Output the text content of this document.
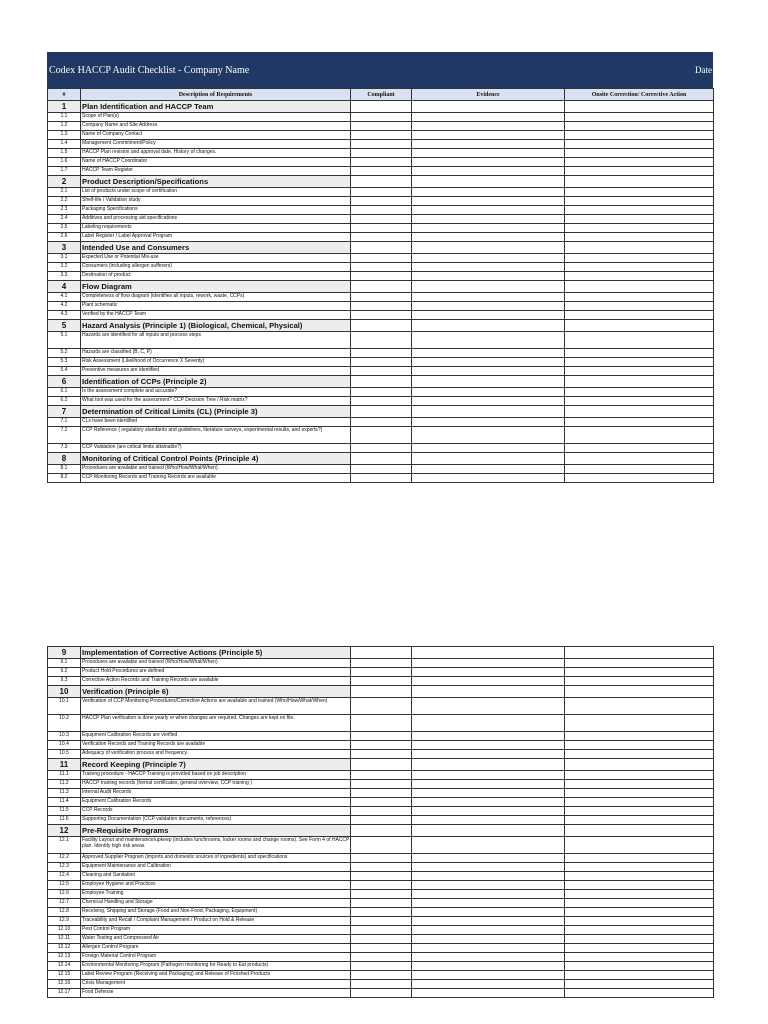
Codex HACCP Audit Checklist - Company Name	Date
#	Description of Requirements	Compliant	Evidence	Onsite Correction/ Corrective Action
1	Plan Identification and HACCP Team			
1.1	Scope of Plan(s)			
1.2	Company Name and Site Address			
1.3	Name of Company Contact			
1.4	Management Commitment/Policy			
1.5	HACCP Plan revision and approval date. History of changes.			
1.6	Name of HACCP Coordinator			
1.7	HACCP Team Register			
2	Product Description/Specifications			
2.1	List of products under scope of certification			
2.2	Shelf-life / Validation study			
2.3	Packaging Specifications			
2.4	Additives and processing aid specifications			
2.5	Labeling requirements			
2.6	Label Register / Label Approval Program			
3	Intended Use and Consumers			
3.1	Expected Use or Potential Mis-use			
3.2	Consumers (including allergen sufferers)			
3.3	Destination of product			
4	Flow Diagram			
4.1	Completeness of flow diagram (identifies all inputs, rework, waste, CCPs)			
4.2	Plant schematic			
4.3	Verified by the HACCP Team			
5	Hazard Analysis (Principle 1) (Biological, Chemical, Physical)			
5.1	Hazards are identified for all inputs and process steps			
5.2	Hazards are classified (B, C, P)			
5.3	Risk Assessment (Likelihood of Occurrence X Severity)			
5.4	Preventive measures are identified			
6	Identification of CCPs (Principle 2)			
6.1	Is the assessment complete and accurate?			
6.2	What tool was used for the assessment? CCP Decision Tree / Risk matrix?			
7	Determination of Critical Limits (CL) (Principle 3)			
7.1	CLs have been identified			
7.2	CCP Reference ( regulatory standards and guidelines, literature surveys, experimental results, and experts?)			
7.3	CCP Validation (are critical limits attainable?)			
8	Monitoring of Critical Control Points (Principle 4)			
8.1	Procedures are available and trained (Who/How/What/When)			
8.2	CCP Monitoring Records and Training Records are available			
9	Implementation of Corrective Actions (Principle 5)			
9.1	Procedures are available and trained (Who/How/What/When)			
9.2	Product Hold Procedures are defined			
9.3	Corrective Action Records and Training Records are available			
10	Verification (Principle 6)			
10.1	Verification of CCP Monitoring Procedures/Corrective Actions are available and trained (Who/How/What/When)			
10.2	HACCP Plan verification is done yearly or when changes are required. Changes are kept on file.			
10.3	Equipment Calibration Records are verified			
10.4	Verification Records and Training Records are available			
10.5	Adequacy of verification process and frequency.			
11	Record Keeping (Principle 7)			
11.1	Training procedure - HACCP Training is provided based on job description			
11.2	HACCP training records (formal certificates, general overview, CCP training )			
11.3	Internal Audit Records			
11.4	Equipment Calibration Records			
11.5	CCP Records			
11.6	Supporting Documentation (CCP validation documents, references)			
12	Pre-Requisite Programs			
12.1	Facility Layout and maintenance/upkeep (includes lunchrooms, locker rooms and change rooms). See Form 4 of HACCP plan. Identify high risk areas.			
12.2	Approved Supplier Program (imports and domestic sources of ingredients) and specifications			
12.3	Equipment Maintenance and Calibration			
12.4	Cleaning and Sanitation			
12.5	Employee Hygiene and Practices			
12.6	Employee Training			
12.7	Chemical Handling and Storage			
12.8	Receiving, Shipping and Storage (Food and Non-Food, Packaging, Equipment)			
12.9	Traceability and Recall / Complaint Management / Product on Hold & Release			
12.10	Pest Control Program			
12.11	Water Testing and Compressed Air			
12.12	Allergen Control Program			
12.13	Foreign Material Control Program			
12.14	Environmental Monitoring Program (Pathogen monitoring for Ready to Eat products)			
12.15	Label Review Program (Receiving and Packaging) and Release of Finished Products			
12.16	Crisis Management			
12.17	Food Defense			
